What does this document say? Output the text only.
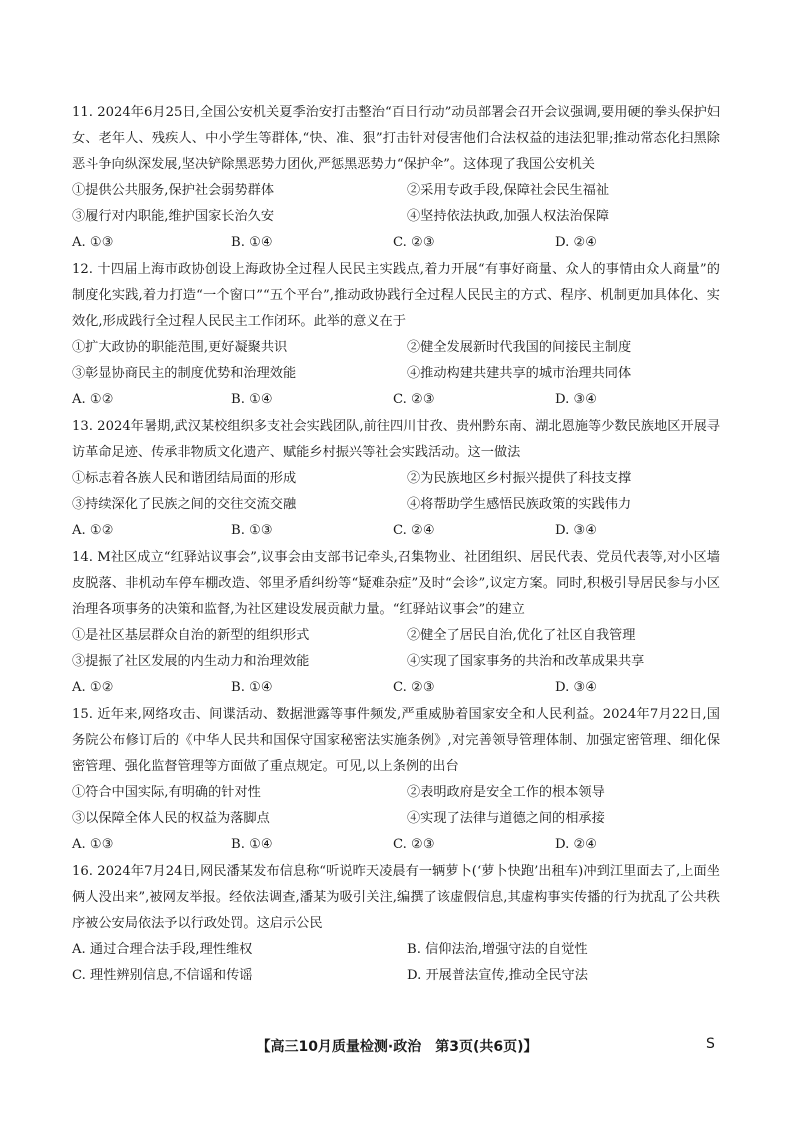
11. 2024年6月25日,全国公安机关夏季治安打击整治“百日行动”动员部署会召开会议强调,要用硬的拳头保护妇女、老年人、残疾人、中小学生等群体,“快、准、狠”打击针对侵害他们合法权益的违法犯罪;推动常态化扫黑除恶斗争向纵深发展,坚决铲除黑恶势力团伙,严惩黑恶势力“保护伞”。这体现了我国公安机关

①提供公共服务,保护社会弱势群体	②采用专政手段,保障社会民生福祉
③履行对内职能,维护国家长治久安	④坚持依法执政,加强人权法治保障
A. ①③	B. ①④	C. ②③	D. ②④

12. 十四届上海市政协创设上海政协全过程人民民主实践点,着力开展“有事好商量、众人的事情由众人商量”的制度化实践,着力打造“一个窗口”“五个平台”,推动政协践行全过程人民民主的方式、程序、机制更加具体化、实效化,形成践行全过程人民民主工作闭环。此举的意义在于

①扩大政协的职能范围,更好凝聚共识	②健全发展新时代我国的间接民主制度
③彰显协商民主的制度优势和治理效能	④推动构建共建共享的城市治理共同体
A. ①②	B. ①④	C. ②③	D. ③④

13. 2024年暑期,武汉某校组织多支社会实践团队,前往四川甘孜、贵州黔东南、湖北恩施等少数民族地区开展寻访革命足迹、传承非物质文化遗产、赋能乡村振兴等社会实践活动。这一做法

①标志着各族人民和谐团结局面的形成	②为民族地区乡村振兴提供了科技支撑
③持续深化了民族之间的交往交流交融	④将帮助学生感悟民族政策的实践伟力
A. ①②	B. ①③	C. ②④	D. ③④

14. M社区成立“红驿站议事会”,议事会由支部书记牵头,召集物业、社团组织、居民代表、党员代表等,对小区墙皮脱落、非机动车停车棚改造、邻里矛盾纠纷等“疑难杂症”及时“会诊”,议定方案。同时,积极引导居民参与小区治理各项事务的决策和监督,为社区建设发展贡献力量。“红驿站议事会”的建立

①是社区基层群众自治的新型的组织形式	②健全了居民自治,优化了社区自我管理
③提振了社区发展的内生动力和治理效能	④实现了国家事务的共治和改革成果共享
A. ①②	B. ①④	C. ②③	D. ③④

15. 近年来,网络攻击、间谍活动、数据泄露等事件频发,严重威胁着国家安全和人民利益。2024年7月22日,国务院公布修订后的《中华人民共和国保守国家秘密法实施条例》,对完善领导管理体制、加强定密管理、细化保密管理、强化监督管理等方面做了重点规定。可见,以上条例的出台

①符合中国实际,有明确的针对性	②表明政府是安全工作的根本领导
③以保障全体人民的权益为落脚点	④实现了法律与道德之间的相承接
A. ①③	B. ①④	C. ②③	D. ②④

16. 2024年7月24日,网民潘某发布信息称“听说昨天凌晨有一辆萝卜(‘萝卜快跑’出租车)冲到江里面去了,上面坐俩人没出来”,被网友举报。经依法调查,潘某为吸引关注,编撰了该虚假信息,其虚构事实传播的行为扰乱了公共秩序被公安局依法予以行政处罚。这启示公民

A. 通过合理合法手段,理性维权	B. 信仰法治,增强守法的自觉性
C. 理性辨别信息,不信谣和传谣	D. 开展普法宣传,推动全民守法
【高三10月质量检测·政治　第3页(共6页)】	S
